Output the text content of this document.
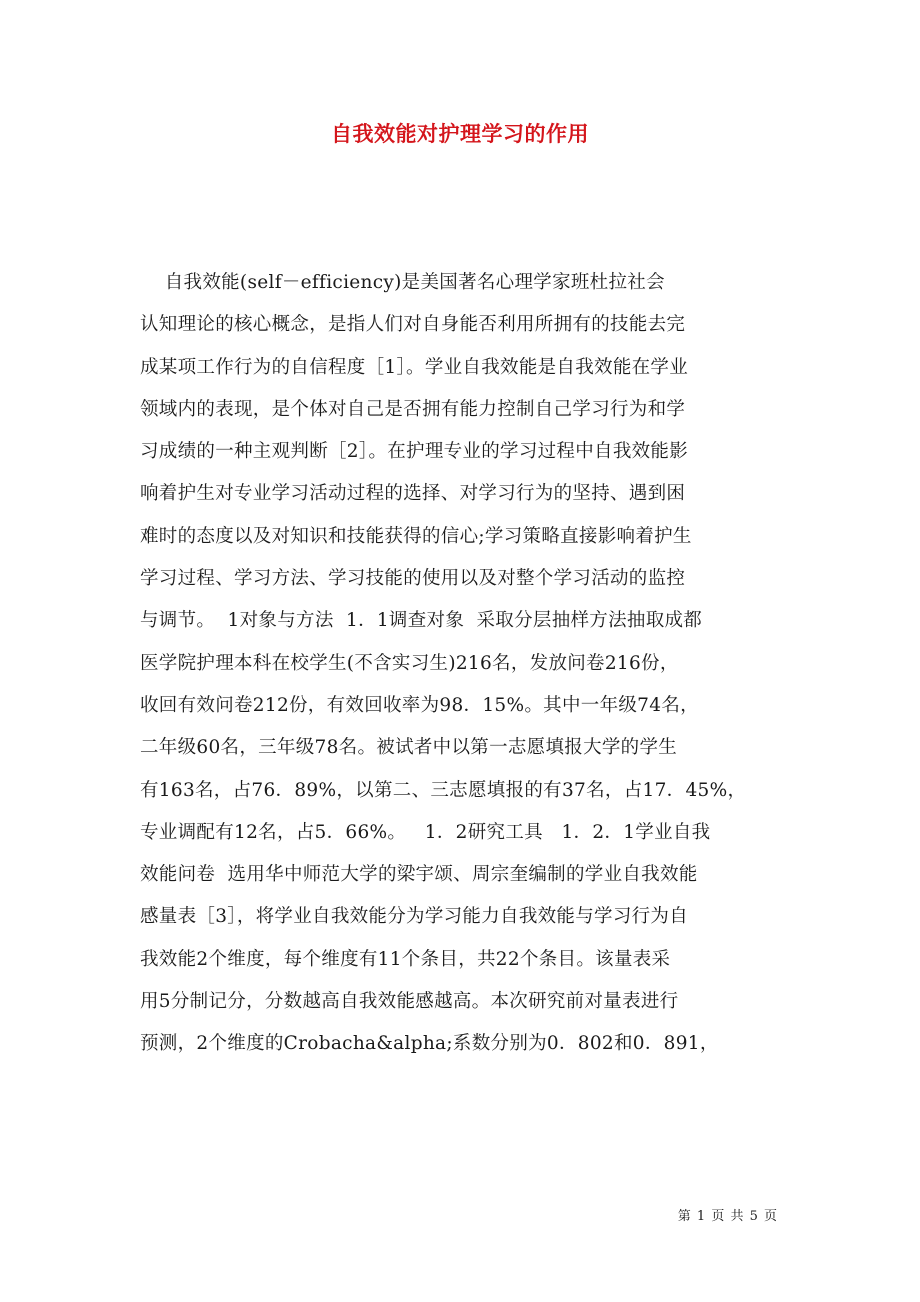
自我效能对护理学习的作用
自我效能(self－efficiency)是美国著名心理学家班杜拉社会
认知理论的核心概念，是指人们对自身能否利用所拥有的技能去完
成某项工作行为的自信程度［1］。学业自我效能是自我效能在学业
领域内的表现，是个体对自己是否拥有能力控制自己学习行为和学
习成绩的一种主观判断［2］。在护理专业的学习过程中自我效能影
响着护生对专业学习活动过程的选择、对学习行为的坚持、遇到困
难时的态度以及对知识和技能获得的信心;学习策略直接影响着护生
学习过程、学习方法、学习技能的使用以及对整个学习活动的监控
与调节。  1对象与方法  1．1调查对象  采取分层抽样方法抽取成都
医学院护理本科在校学生(不含实习生)216名，发放问卷216份，
收回有效问卷212份，有效回收率为98．15%。其中一年级74名，
二年级60名，三年级78名。被试者中以第一志愿填报大学的学生
有163名，占76．89%，以第二、三志愿填报的有37名，占17．45%，
专业调配有12名，占5．66%。   1．2研究工具   1．2．1学业自我
效能问卷  选用华中师范大学的梁宇颂、周宗奎编制的学业自我效能
感量表［3］，将学业自我效能分为学习能力自我效能与学习行为自
我效能2个维度，每个维度有11个条目，共22个条目。该量表采
用5分制记分，分数越高自我效能感越高。本次研究前对量表进行
预测，2个维度的Crobacha&alpha;系数分别为0．802和0．891，
第 1 页 共 5 页
